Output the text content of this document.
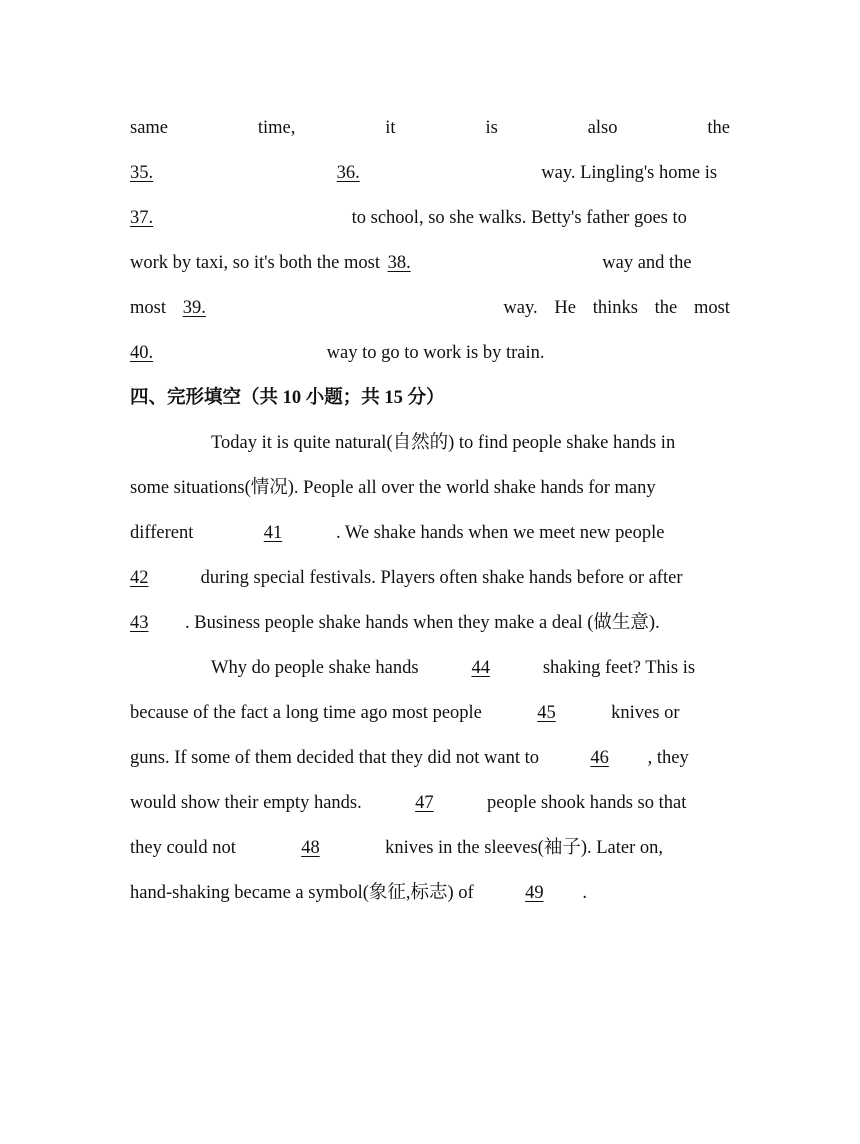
same	time,	it	is	also	the
35.	36.	way. Lingling's home is
37.	to school, so she walks. Betty's father goes to
work by taxi, so it's both the most 38.	way and the
most 39.	way. He thinks the most
40.	way to go to work is by train.
四、完形填空（共 10 小题；共 15 分）
Today it is quite natural(自然的) to find people shake hands in
some situations(情况). People all over the world shake hands for many
different	41	. We shake hands when we meet new people
42	during special festivals. Players often shake hands before or after
43 . Business people shake hands when they make a deal (做生意).
Why do people shake hands	44	shaking feet? This is
because of the fact a long time ago most people	45	knives or
guns. If some of them decided that they did not want to	46 , they
would show their empty hands.	47	people shook hands so that
they could not	48	knives in the sleeves(袖子). Later on,
hand-shaking became a symbol(象征,标志) of	49 .
